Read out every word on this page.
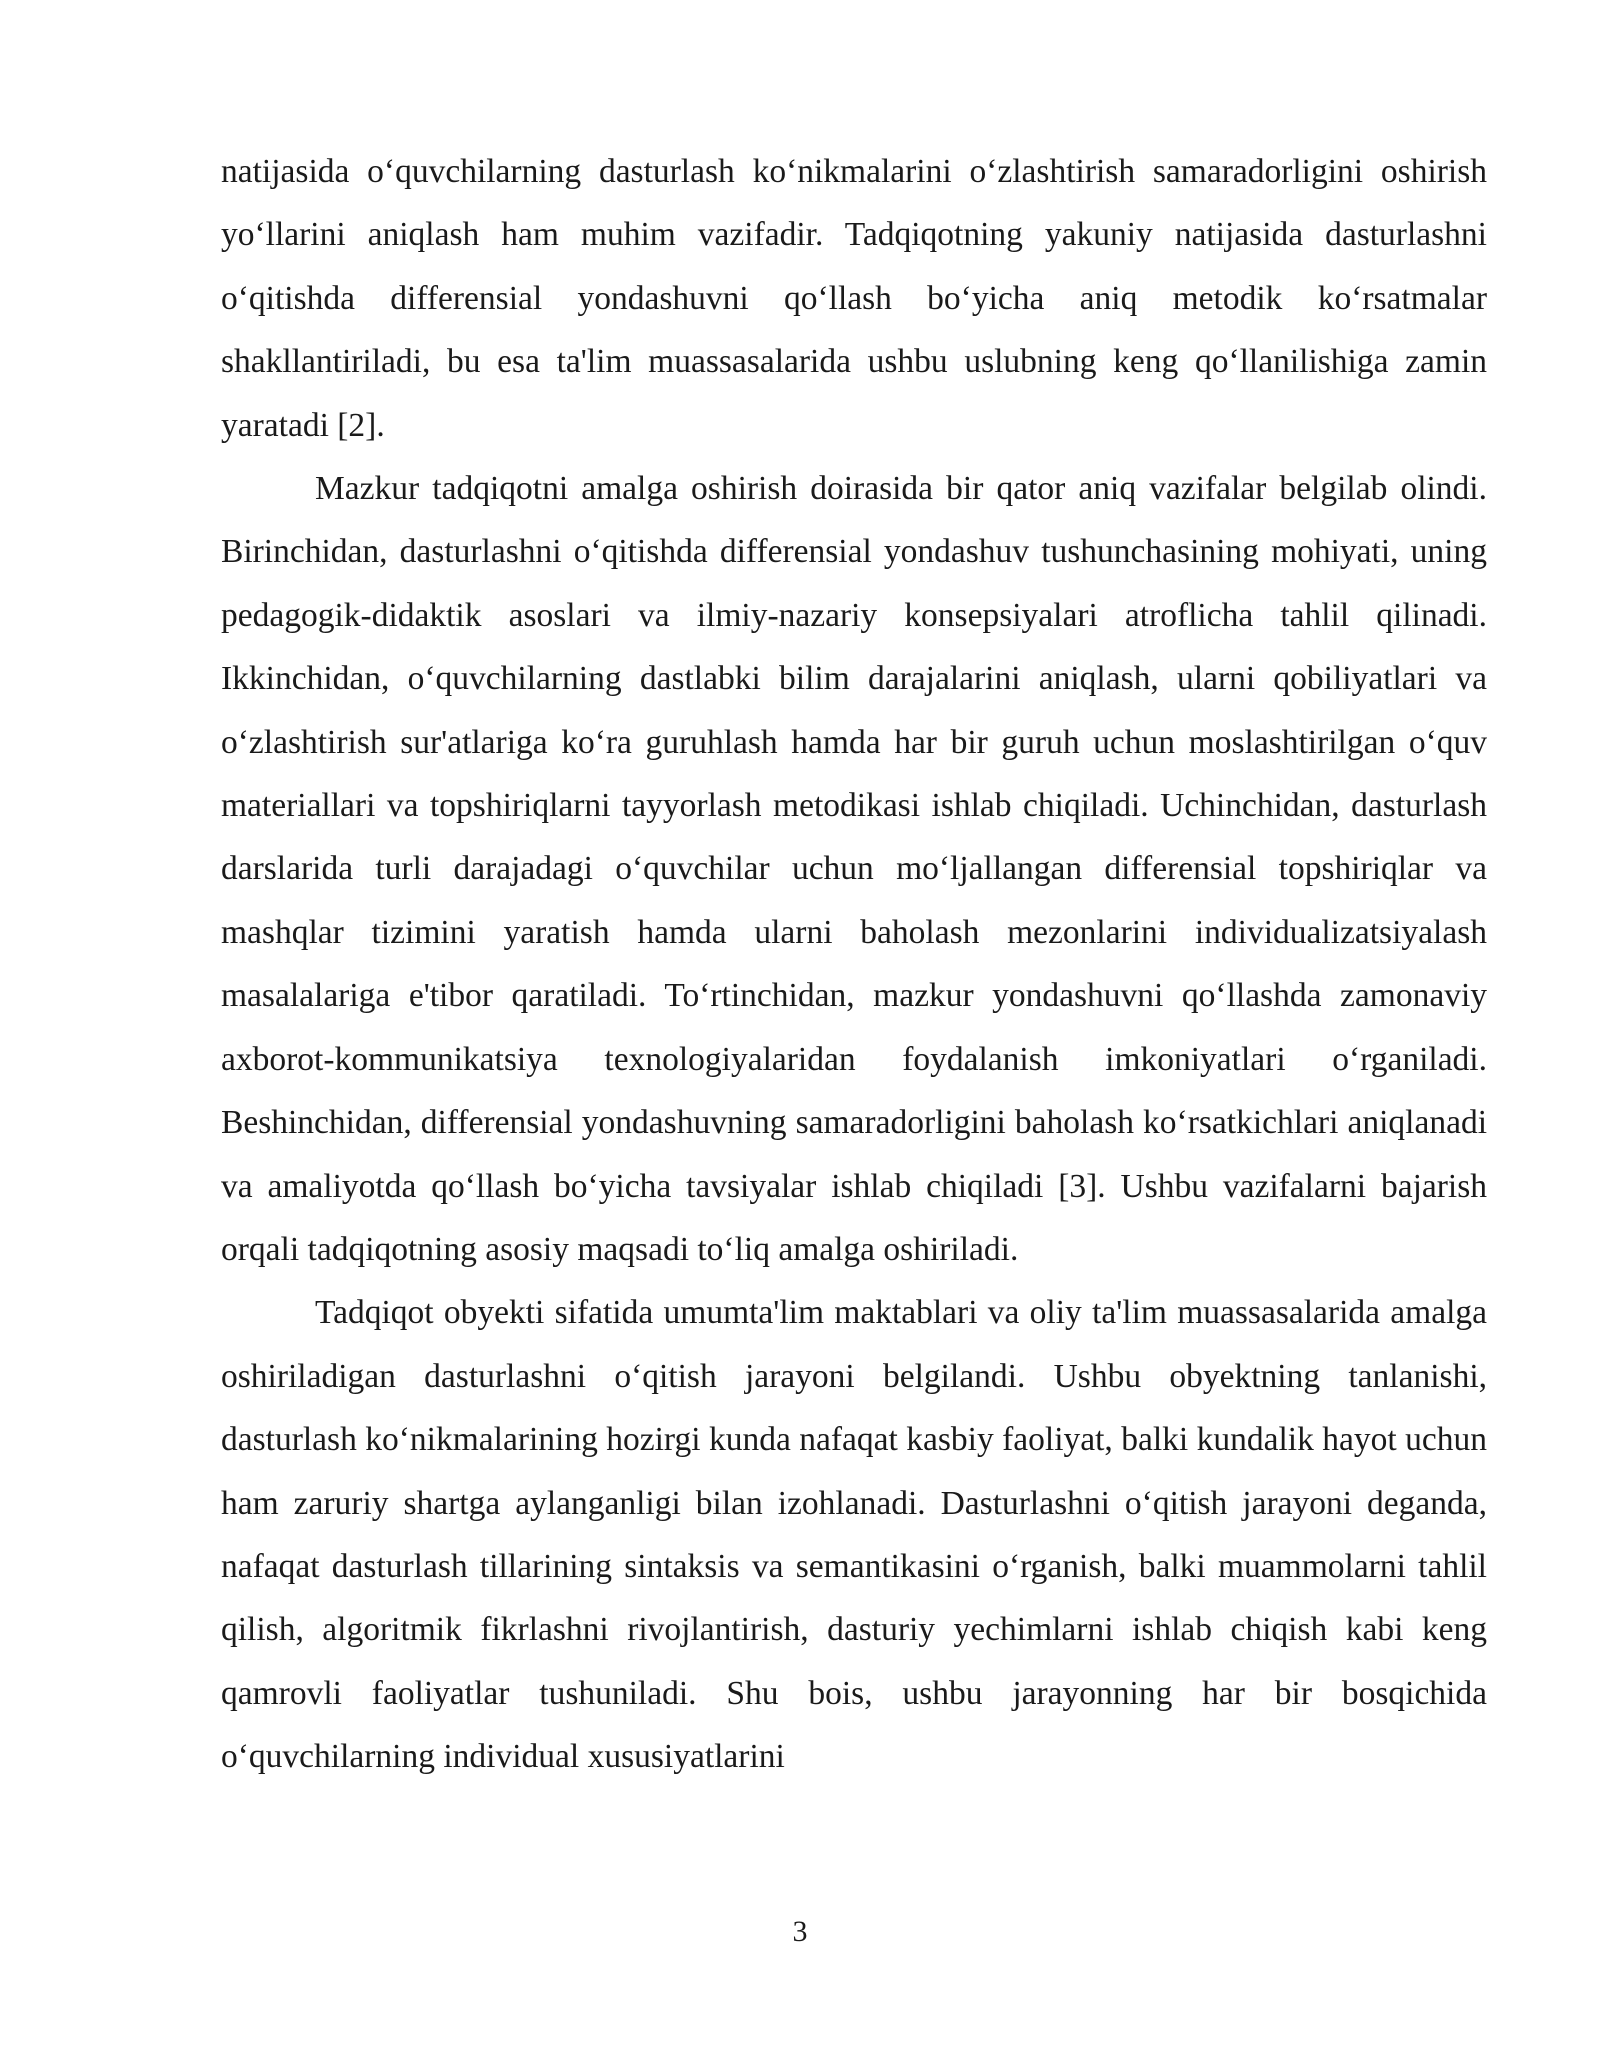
natijasida o‘quvchilarning dasturlash ko‘nikmalarini o‘zlashtirish samaradorligini oshirish yo‘llarini aniqlash ham muhim vazifadir. Tadqiqotning yakuniy natijasida dasturlashni o‘qitishda differensial yondashuvni qo‘llash bo‘yicha aniq metodik ko‘rsatmalar shakllantiriladi, bu esa ta'lim muassasalarida ushbu uslubning keng qo‘llanilishiga zamin yaratadi [2].

Mazkur tadqiqotni amalga oshirish doirasida bir qator aniq vazifalar belgilab olindi. Birinchidan, dasturlashni o‘qitishda differensial yondashuv tushunchasining mohiyati, uning pedagogik-didaktik asoslari va ilmiy-nazariy konsepsiyalari atroflicha tahlil qilinadi. Ikkinchidan, o‘quvchilarning dastlabki bilim darajalarini aniqlash, ularni qobiliyatlari va o‘zlashtirish sur'atlariga ko‘ra guruhlash hamda har bir guruh uchun moslashtirilgan o‘quv materiallari va topshiriqlarni tayyorlash metodikasi ishlab chiqiladi. Uchinchidan, dasturlash darslarida turli darajadagi o‘quvchilar uchun mo‘ljallangan differensial topshiriqlar va mashqlar tizimini yaratish hamda ularni baholash mezonlarini individualizatsiyalash masalalariga e'tibor qaratiladi. To‘rtinchidan, mazkur yondashuvni qo‘llashda zamonaviy axborot-kommunikatsiya texnologiyalaridan foydalanish imkoniyatlari o‘rganiladi. Beshinchidan, differensial yondashuvning samaradorligini baholash ko‘rsatkichlari aniqlanadi va amaliyotda qo‘llash bo‘yicha tavsiyalar ishlab chiqiladi [3]. Ushbu vazifalarni bajarish orqali tadqiqotning asosiy maqsadi to‘liq amalga oshiriladi.

Tadqiqot obyekti sifatida umumta'lim maktablari va oliy ta'lim muassasalarida amalga oshiriladigan dasturlashni o‘qitish jarayoni belgilandi. Ushbu obyektning tanlanishi, dasturlash ko‘nikmalarining hozirgi kunda nafaqat kasbiy faoliyat, balki kundalik hayot uchun ham zaruriy shartga aylanganligi bilan izohlanadi. Dasturlashni o‘qitish jarayoni deganda, nafaqat dasturlash tillarining sintaksis va semantikasini o‘rganish, balki muammolarni tahlil qilish, algoritmik fikrlashni rivojlantirish, dasturiy yechimlarni ishlab chiqish kabi keng qamrovli faoliyatlar tushuniladi. Shu bois, ushbu jarayonning har bir bosqichida o‘quvchilarning individual xususiyatlarini

3
